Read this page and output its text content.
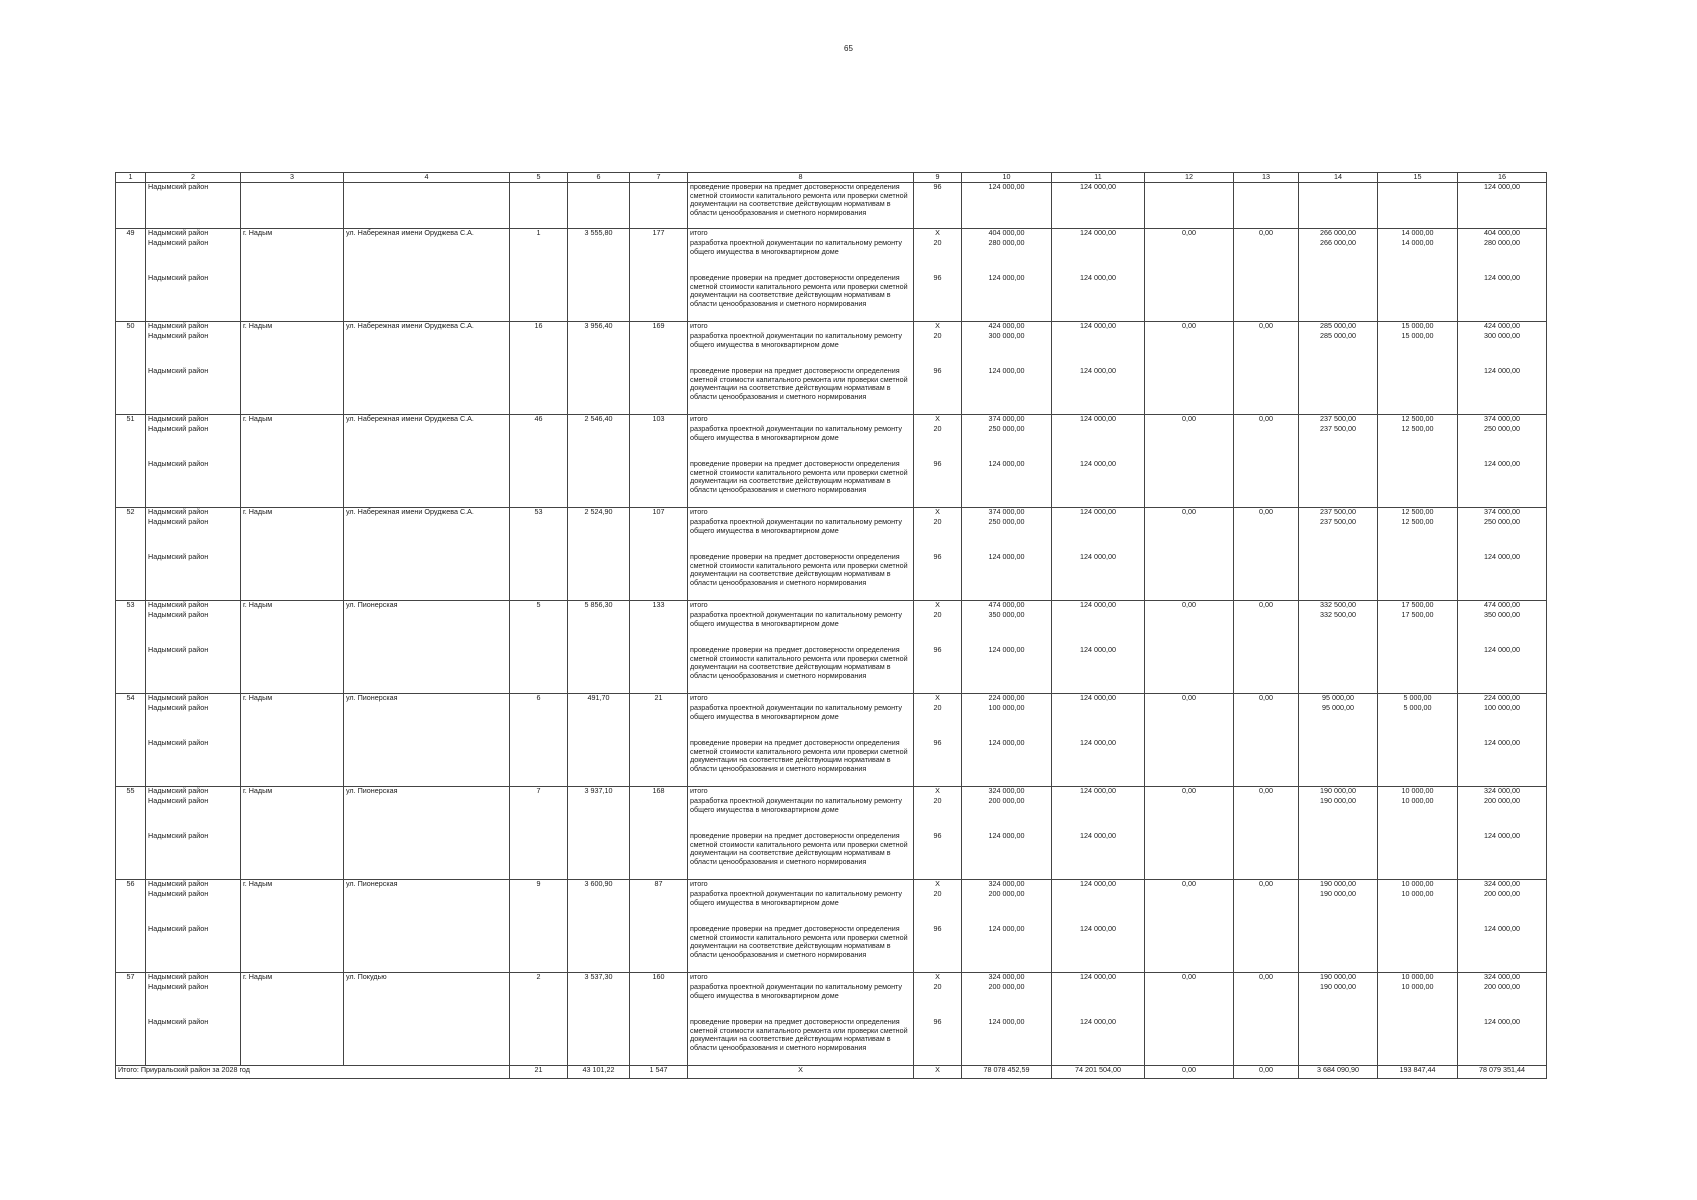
65
1	2	3	4	5	6	7	8	9	10	11	12	13	14	15	16
	Надымский район						проведение проверки на предмет достоверности определения сметной стоимости капитального ремонта или проверки сметной документации на соответствие действующим нормативам в области ценообразования и сметного нормирования	96	124 000,00	124 000,00					124 000,00
49	Надымский район	г. Надым	ул. Набережная имени Оруджева С.А.	1	3 555,80	177	итого	X	404 000,00	124 000,00	0,00	0,00	266 000,00	14 000,00	404 000,00
	Надымский район						разработка проектной документации по капитальному ремонту общего имущества в многоквартирном доме	20	280 000,00				266 000,00	14 000,00	280 000,00
	Надымский район						проведение проверки на предмет достоверности определения сметной стоимости капитального ремонта или проверки сметной документации на соответствие действующим нормативам в области ценообразования и сметного нормирования	96	124 000,00	124 000,00					124 000,00
50	Надымский район	г. Надым	ул. Набережная имени Оруджева С.А.	16	3 956,40	169	итого	X	424 000,00	124 000,00	0,00	0,00	285 000,00	15 000,00	424 000,00
	Надымский район						разработка проектной документации по капитальному ремонту общего имущества в многоквартирном доме	20	300 000,00				285 000,00	15 000,00	300 000,00
	Надымский район						проведение проверки на предмет достоверности определения сметной стоимости капитального ремонта или проверки сметной документации на соответствие действующим нормативам в области ценообразования и сметного нормирования	96	124 000,00	124 000,00					124 000,00
51	Надымский район	г. Надым	ул. Набережная имени Оруджева С.А.	46	2 546,40	103	итого	X	374 000,00	124 000,00	0,00	0,00	237 500,00	12 500,00	374 000,00
	Надымский район						разработка проектной документации по капитальному ремонту общего имущества в многоквартирном доме	20	250 000,00				237 500,00	12 500,00	250 000,00
	Надымский район						проведение проверки на предмет достоверности определения сметной стоимости капитального ремонта или проверки сметной документации на соответствие действующим нормативам в области ценообразования и сметного нормирования	96	124 000,00	124 000,00					124 000,00
52	Надымский район	г. Надым	ул. Набережная имени Оруджева С.А.	53	2 524,90	107	итого	X	374 000,00	124 000,00	0,00	0,00	237 500,00	12 500,00	374 000,00
	Надымский район						разработка проектной документации по капитальному ремонту общего имущества в многоквартирном доме	20	250 000,00				237 500,00	12 500,00	250 000,00
	Надымский район						проведение проверки на предмет достоверности определения сметной стоимости капитального ремонта или проверки сметной документации на соответствие действующим нормативам в области ценообразования и сметного нормирования	96	124 000,00	124 000,00					124 000,00
53	Надымский район	г. Надым	ул. Пионерская	5	5 856,30	133	итого	X	474 000,00	124 000,00	0,00	0,00	332 500,00	17 500,00	474 000,00
	Надымский район						разработка проектной документации по капитальному ремонту общего имущества в многоквартирном доме	20	350 000,00				332 500,00	17 500,00	350 000,00
	Надымский район						проведение проверки на предмет достоверности определения сметной стоимости капитального ремонта или проверки сметной документации на соответствие действующим нормативам в области ценообразования и сметного нормирования	96	124 000,00	124 000,00					124 000,00
54	Надымский район	г. Надым	ул. Пионерская	6	491,70	21	итого	X	224 000,00	124 000,00	0,00	0,00	95 000,00	5 000,00	224 000,00
	Надымский район						разработка проектной документации по капитальному ремонту общего имущества в многоквартирном доме	20	100 000,00				95 000,00	5 000,00	100 000,00
	Надымский район						проведение проверки на предмет достоверности определения сметной стоимости капитального ремонта или проверки сметной документации на соответствие действующим нормативам в области ценообразования и сметного нормирования	96	124 000,00	124 000,00					124 000,00
55	Надымский район	г. Надым	ул. Пионерская	7	3 937,10	168	итого	X	324 000,00	124 000,00	0,00	0,00	190 000,00	10 000,00	324 000,00
	Надымский район						разработка проектной документации по капитальному ремонту общего имущества в многоквартирном доме	20	200 000,00				190 000,00	10 000,00	200 000,00
	Надымский район						проведение проверки на предмет достоверности определения сметной стоимости капитального ремонта или проверки сметной документации на соответствие действующим нормативам в области ценообразования и сметного нормирования	96	124 000,00	124 000,00					124 000,00
56	Надымский район	г. Надым	ул. Пионерская	9	3 600,90	87	итого	X	324 000,00	124 000,00	0,00	0,00	190 000,00	10 000,00	324 000,00
	Надымский район						разработка проектной документации по капитальному ремонту общего имущества в многоквартирном доме	20	200 000,00				190 000,00	10 000,00	200 000,00
	Надымский район						проведение проверки на предмет достоверности определения сметной стоимости капитального ремонта или проверки сметной документации на соответствие действующим нормативам в области ценообразования и сметного нормирования	96	124 000,00	124 000,00					124 000,00
57	Надымский район	г. Надым	ул. Покудью	2	3 537,30	160	итого	X	324 000,00	124 000,00	0,00	0,00	190 000,00	10 000,00	324 000,00
	Надымский район						разработка проектной документации по капитальному ремонту общего имущества в многоквартирном доме	20	200 000,00				190 000,00	10 000,00	200 000,00
	Надымский район						проведение проверки на предмет достоверности определения сметной стоимости капитального ремонта или проверки сметной документации на соответствие действующим нормативам в области ценообразования и сметного нормирования	96	124 000,00	124 000,00					124 000,00
Итого: Приуральский район за 2028 год				21	43 101,22	1 547	X	X	78 078 452,59	74 201 504,00	0,00	0,00	3 684 090,90	193 847,44	78 079 351,44
